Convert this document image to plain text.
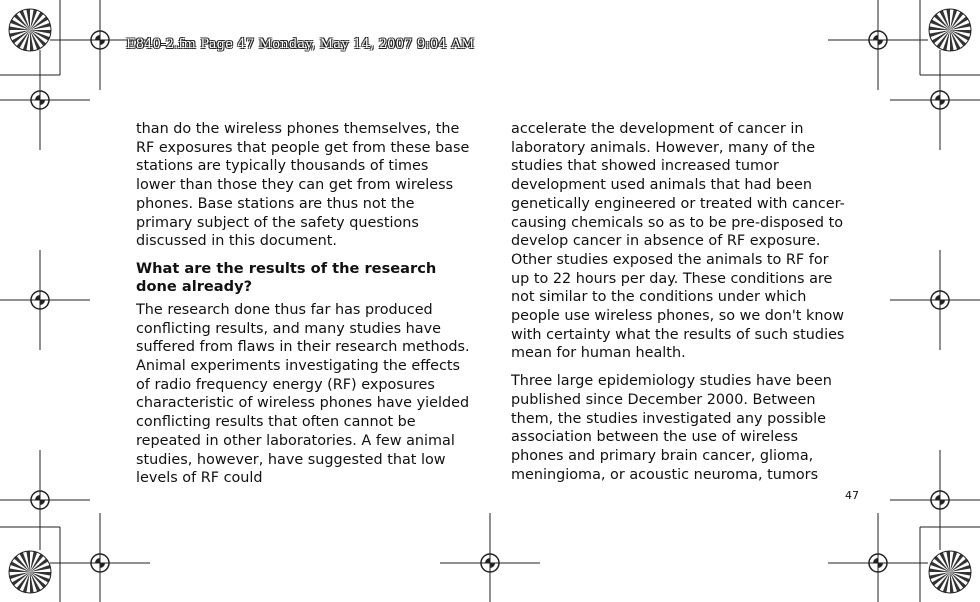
E840-2.fm Page 47 Monday, May 14, 2007 9:04 AM

than do the wireless phones themselves, the RF exposures that people get from these base stations are typically thousands of times lower than those they can get from wireless phones. Base stations are thus not the primary subject of the safety questions discussed in this document.

What are the results of the research done already?

The research done thus far has produced conflicting results, and many studies have suffered from flaws in their research methods. Animal experiments investigating the effects of radio frequency energy (RF) exposures characteristic of wireless phones have yielded conflicting results that often cannot be repeated in other laboratories. A few animal studies, however, have suggested that low levels of RF could

accelerate the development of cancer in laboratory animals. However, many of the studies that showed increased tumor development used animals that had been genetically engineered or treated with cancer-causing chemicals so as to be pre-disposed to develop cancer in absence of RF exposure. Other studies exposed the animals to RF for up to 22 hours per day. These conditions are not similar to the conditions under which people use wireless phones, so we don't know with certainty what the results of such studies mean for human health.

Three large epidemiology studies have been published since December 2000. Between them, the studies investigated any possible association between the use of wireless phones and primary brain cancer, glioma, meningioma, or acoustic neuroma, tumors

47
